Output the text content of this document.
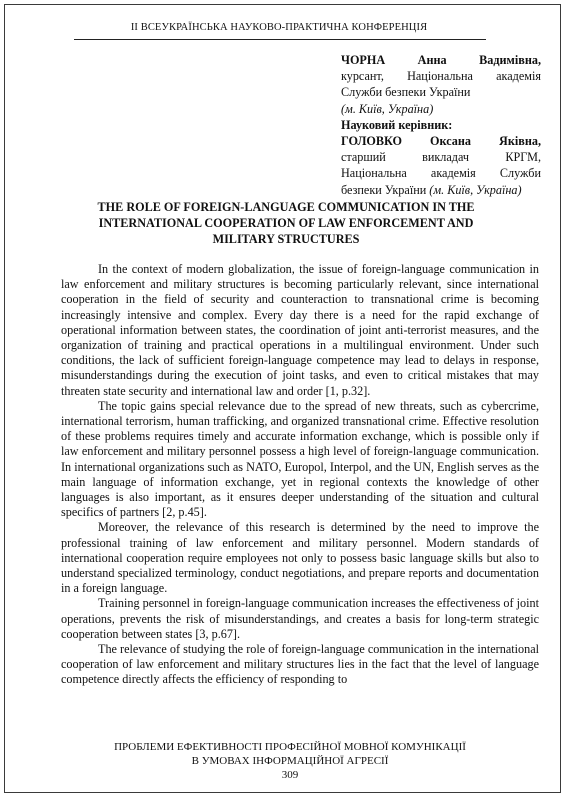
ІІ ВСЕУКРАЇНСЬКА НАУКОВО-ПРАКТИЧНА КОНФЕРЕНЦІЯ
ЧОРНА Анна Вадимівна,
курсант, Національна академія
Служби безпеки України
(м. Київ, Україна)
Науковий керівник:
ГОЛОВКО Оксана Яківна,
старший викладач КРГМ,
Національна академія Служби
безпеки України (м. Київ, Україна)
THE ROLE OF FOREIGN-LANGUAGE COMMUNICATION IN THE
INTERNATIONAL COOPERATION OF LAW ENFORCEMENT AND
MILITARY STRUCTURES

In the context of modern globalization, the issue of foreign-language communication in law enforcement and military structures is becoming particularly relevant, since international cooperation in the field of security and counteraction to transnational crime is becoming increasingly intensive and complex. Every day there is a need for the rapid exchange of operational information between states, the coordination of joint anti-terrorist measures, and the organization of training and practical operations in a multilingual environment. Under such conditions, the lack of sufficient foreign-language competence may lead to delays in response, misunderstandings during the execution of joint tasks, and even to critical mistakes that may threaten state security and international law and order [1, p.32].

The topic gains special relevance due to the spread of new threats, such as cybercrime, international terrorism, human trafficking, and organized transnational crime. Effective resolution of these problems requires timely and accurate information exchange, which is possible only if law enforcement and military personnel possess a high level of foreign-language communication. In international organizations such as NATO, Europol, Interpol, and the UN, English serves as the main language of information exchange, yet in regional contexts the knowledge of other languages is also important, as it ensures deeper understanding of the situation and cultural specifics of partners [2, p.45].

Moreover, the relevance of this research is determined by the need to improve the professional training of law enforcement and military personnel. Modern standards of international cooperation require employees not only to possess basic language skills but also to understand specialized terminology, conduct negotiations, and prepare reports and documentation in a foreign language.

Training personnel in foreign-language communication increases the effectiveness of joint operations, prevents the risk of misunderstandings, and creates a basis for long-term strategic cooperation between states [3, p.67].

The relevance of studying the role of foreign-language communication in the international cooperation of law enforcement and military structures lies in the fact that the level of language competence directly affects the efficiency of responding to

ПРОБЛЕМИ ЕФЕКТИВНОСТІ ПРОФЕСІЙНОЇ МОВНОЇ КОМУНІКАЦІЇ
В УМОВАХ ІНФОРМАЦІЙНОЇ АГРЕСІЇ
309
